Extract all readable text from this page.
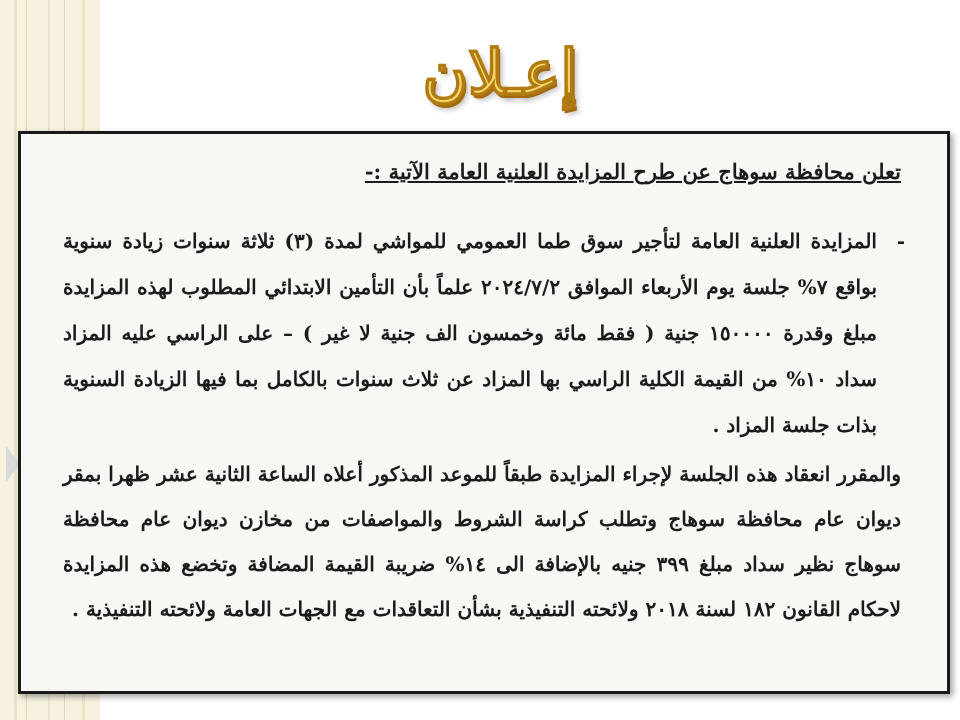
إعـلان

تعلن محافظة سوهاج عن طرح المزايدة العلنية العامة الآتية :-

-
المزايدة العلنية العامة لتأجير سوق طما العمومي للمواشي لمدة (٣) ثلاثة سنوات زيادة سنوية بواقع ٧% جلسة يوم الأربعاء الموافق ٢٠٢٤/٧/٢ علماً بأن التأمين الابتدائي المطلوب لهذه المزايدة مبلغ وقدرة ١٥٠٠٠٠ جنية ( فقط مائة وخمسون الف جنية لا غير ) – على الراسي عليه المزاد سداد ١٠% من القيمة الكلية الراسي بها المزاد عن ثلاث سنوات بالكامل بما فيها الزيادة السنوية بذات جلسة المزاد .

والمقرر انعقاد هذه الجلسة لإجراء المزايدة طبقاً للموعد المذكور أعلاه الساعة الثانية عشر ظهرا بمقر ديوان عام محافظة سوهاج وتطلب كراسة الشروط والمواصفات من مخازن ديوان عام محافظة سوهاج نظير سداد مبلغ ٣٩٩ جنيه بالإضافة الى ١٤% ضريبة القيمة المضافة وتخضع هذه المزايدة لاحكام القانون ١٨٢ لسنة ٢٠١٨ ولائحته التنفيذية بشأن التعاقدات مع الجهات العامة ولائحته التنفيذية .
